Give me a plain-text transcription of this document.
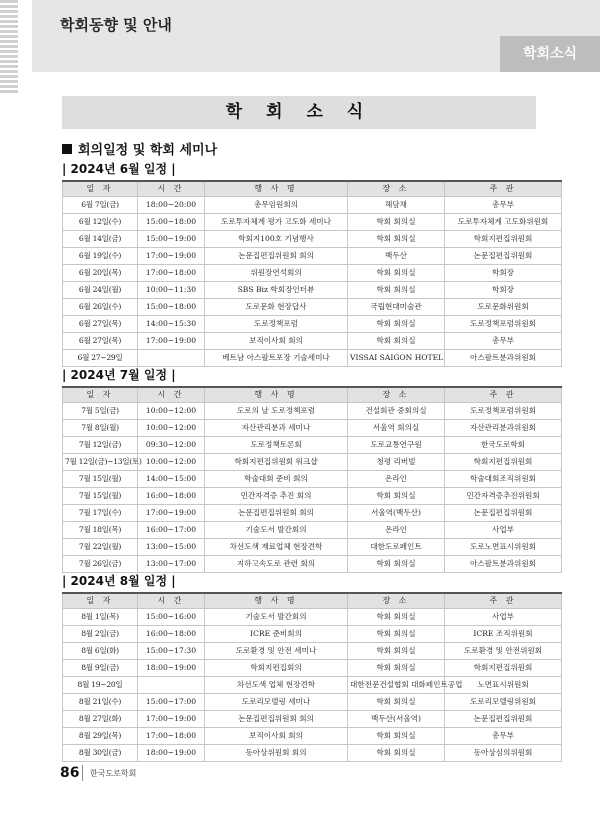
학회동향 및 안내
학회소식
학 회 소 식
회의일정 및 학회 세미나
| 2024년 6월 일정 |
일 자	시 간	행 사 명	장 소	주 관
6월 7일(금)	18:00~20:00	총무임원회의	해담채	총무부
6월 12일(수)	15:00~18:00	도로투자체계 평가 고도화 세미나	학회 회의실	도로투자체계 고도화위원회
6월 14일(금)	15:00~19:00	학회지100호 기념행사	학회 회의실	학회지편집위원회
6월 19일(수)	17:00~19:00	논문집편집위원회 회의	백두산	논문집편집위원회
6월 20일(목)	17:00~18:00	위원장연석회의	학회 회의실	학회장
6월 24일(월)	10:00~11:30	SBS Biz 학회장인터뷰	학회 회의실	학회장
6월 26일(수)	15:00~18:00	도로문화 현장답사	국립현대미술관	도로문화위원회
6월 27일(목)	14:00~15:30	도로정책포럼	학회 회의실	도로정책포럼위원회
6월 27일(목)	17:00~19:00	보직이사회 회의	학회 회의실	총무부
6월 27~29일		베트남 아스팔트포장 기술세미나	VISSAI SAIGON HOTEL	아스팔트분과위원회
| 2024년 7월 일정 |
일 자	시 간	행 사 명	장 소	주 관
7월 5일(금)	10:00~12:00	도로의 날 도로정책포럼	건설회관 중회의실	도로정책포럼위원회
7월 8일(월)	10:00~12:00	자산관리분과 세미나	서울역 회의실	자산관리분과위원회
7월 12일(금)	09:30~12:00	도로정책토론회	도로교통연구원	한국도로학회
7월 12일(금)~13일(토)	10:00~12:00	학회지편집위원회 워크샵	청평 리버빌	학회지편집위원회
7월 15일(월)	14:00~15:00	학술대회 준비 회의	온라인	학술대회조직위원회
7월 15일(월)	16:00~18:00	민간자격증 추진 회의	학회 회의실	민간자격증추진위원회
7월 17일(수)	17:00~19:00	논문집편집위원회 회의	서울역(백두산)	논문집편집위원회
7월 18일(목)	16:00~17:00	기술도서 발간회의	온라인	사업부
7월 22일(월)	13:00~15:00	차선도색 재료업체 현장견학	대한도로페인트	도로노면표시위원회
7월 26일(금)	13:00~17:00	지하고속도로 관련 회의	학회 회의실	아스팔트분과위원회
| 2024년 8월 일정 |
일 자	시 간	행 사 명	장 소	주 관
8월 1일(목)	15:00~16:00	기술도서 발간회의	학회 회의실	사업부
8월 2일(금)	16:00~18:00	ICRE 준비회의	학회 회의실	ICRE 조직위원회
8월 6일(화)	15:00~17:30	도로환경 및 안전 세미나	학회 회의실	도로환경 및 안전위원회
8월 9일(금)	18:00~19:00	학회지편집회의	학회 회의실	학회지편집위원회
8월 19~20일		차선도색 업체 현장견학	대한전문건설협회 대화페인트공업	노면표시위원회
8월 21일(수)	15:00~17:00	도로리모델링 세미나	학회 회의실	도로리모델링위원회
8월 27일(화)	17:00~19:00	논문집편집위원회 회의	백두산(서울역)	논문집편집위원회
8월 29일(목)	17:00~18:00	보직이사회 회의	학회 회의실	총무부
8월 30일(금)	18:00~19:00	동아상위원회 회의	학회 회의실	동아상심의위원회
86 한국도로학회
